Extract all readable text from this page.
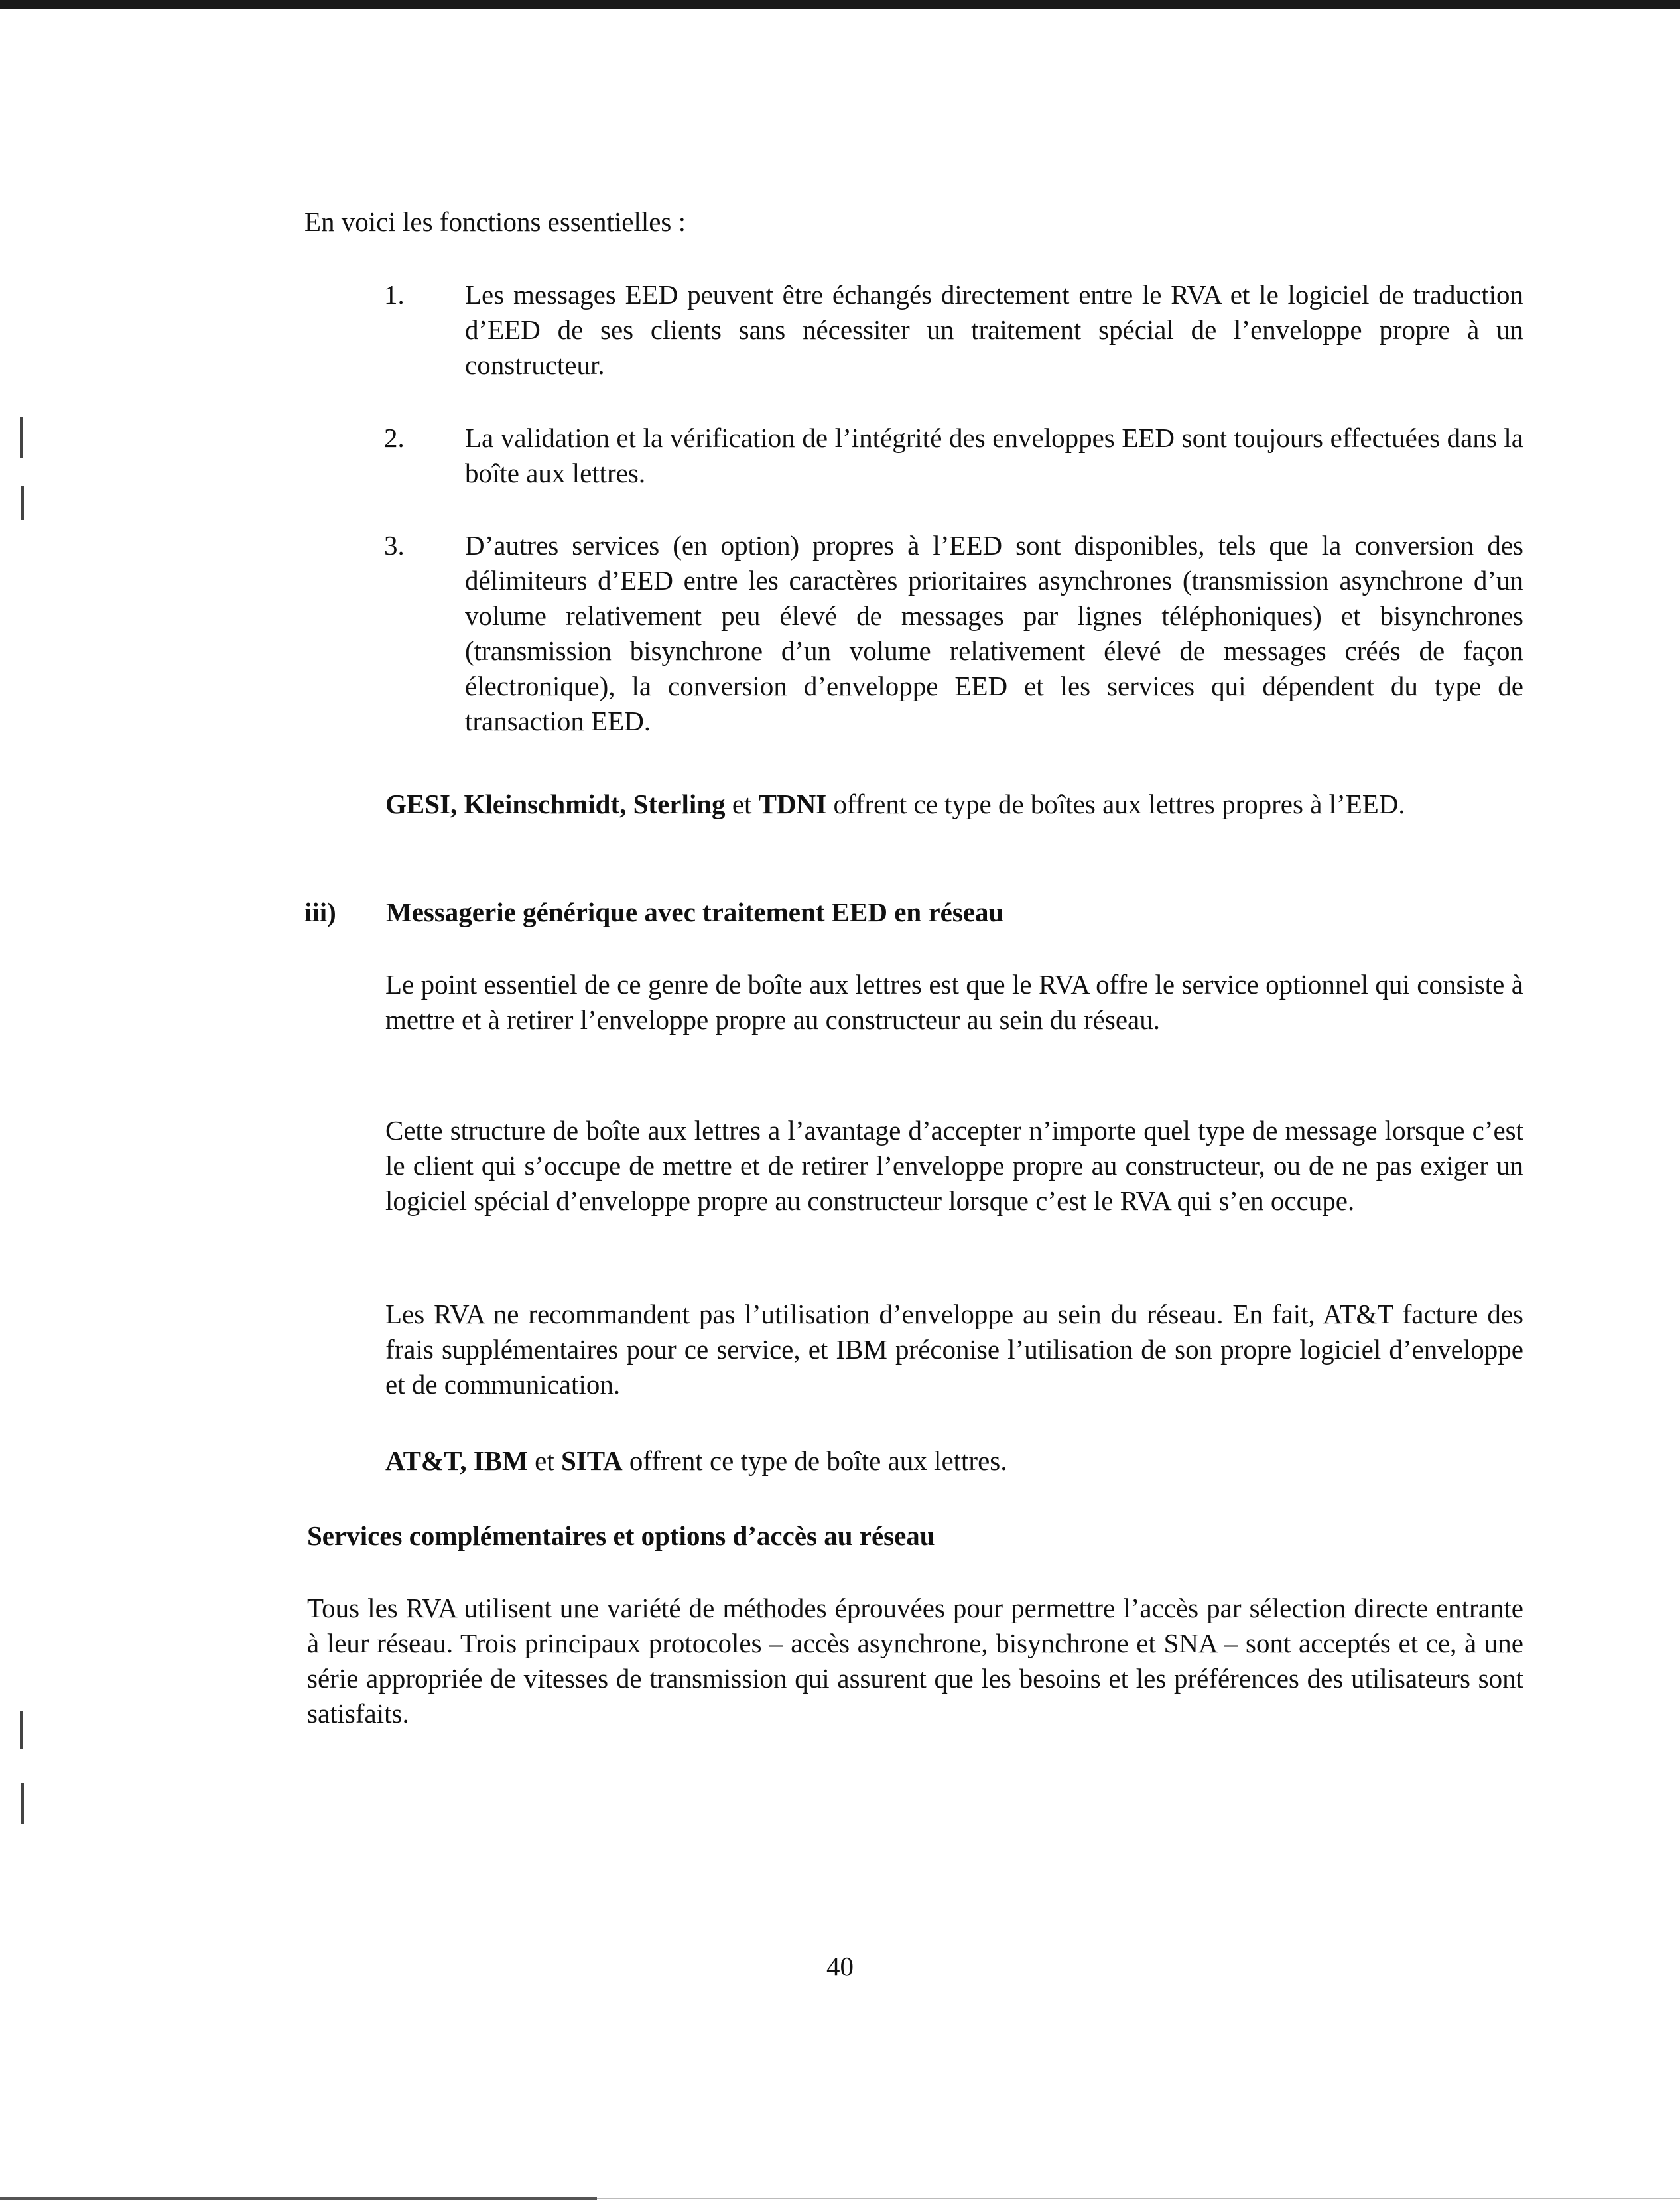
En voici les fonctions essentielles :

1. Les messages EED peuvent être échangés directement entre le RVA et le logiciel de traduction d’EED de ses clients sans nécessiter un traitement spécial de l’enveloppe propre à un constructeur.

2. La validation et la vérification de l’intégrité des enveloppes EED sont toujours effectuées dans la boîte aux lettres.

3. D’autres services (en option) propres à l’EED sont disponibles, tels que la conversion des délimiteurs d’EED entre les caractères prioritaires asynchrones (transmission asynchrone d’un volume relativement peu élevé de messages par lignes téléphoniques) et bisynchrones (transmission bisynchrone d’un volume relativement élevé de messages créés de façon électronique), la conversion d’enveloppe EED et les services qui dépendent du type de transaction EED.

GESI, Kleinschmidt, Sterling et TDNI offrent ce type de boîtes aux lettres propres à l’EED.

iii) Messagerie générique avec traitement EED en réseau

Le point essentiel de ce genre de boîte aux lettres est que le RVA offre le service optionnel qui consiste à mettre et à retirer l’enveloppe propre au constructeur au sein du réseau.

Cette structure de boîte aux lettres a l’avantage d’accepter n’importe quel type de message lorsque c’est le client qui s’occupe de mettre et de retirer l’enveloppe propre au constructeur, ou de ne pas exiger un logiciel spécial d’enveloppe propre au constructeur lorsque c’est le RVA qui s’en occupe.

Les RVA ne recommandent pas l’utilisation d’enveloppe au sein du réseau. En fait, AT&T facture des frais supplémentaires pour ce service, et IBM préconise l’utilisation de son propre logiciel d’enveloppe et de communication.

AT&T, IBM et SITA offrent ce type de boîte aux lettres.

Services complémentaires et options d’accès au réseau

Tous les RVA utilisent une variété de méthodes éprouvées pour permettre l’accès par sélection directe entrante à leur réseau. Trois principaux protocoles – accès asynchrone, bisynchrone et SNA – sont acceptés et ce, à une série appropriée de vitesses de transmission qui assurent que les besoins et les préférences des utilisateurs sont satisfaits.

40
